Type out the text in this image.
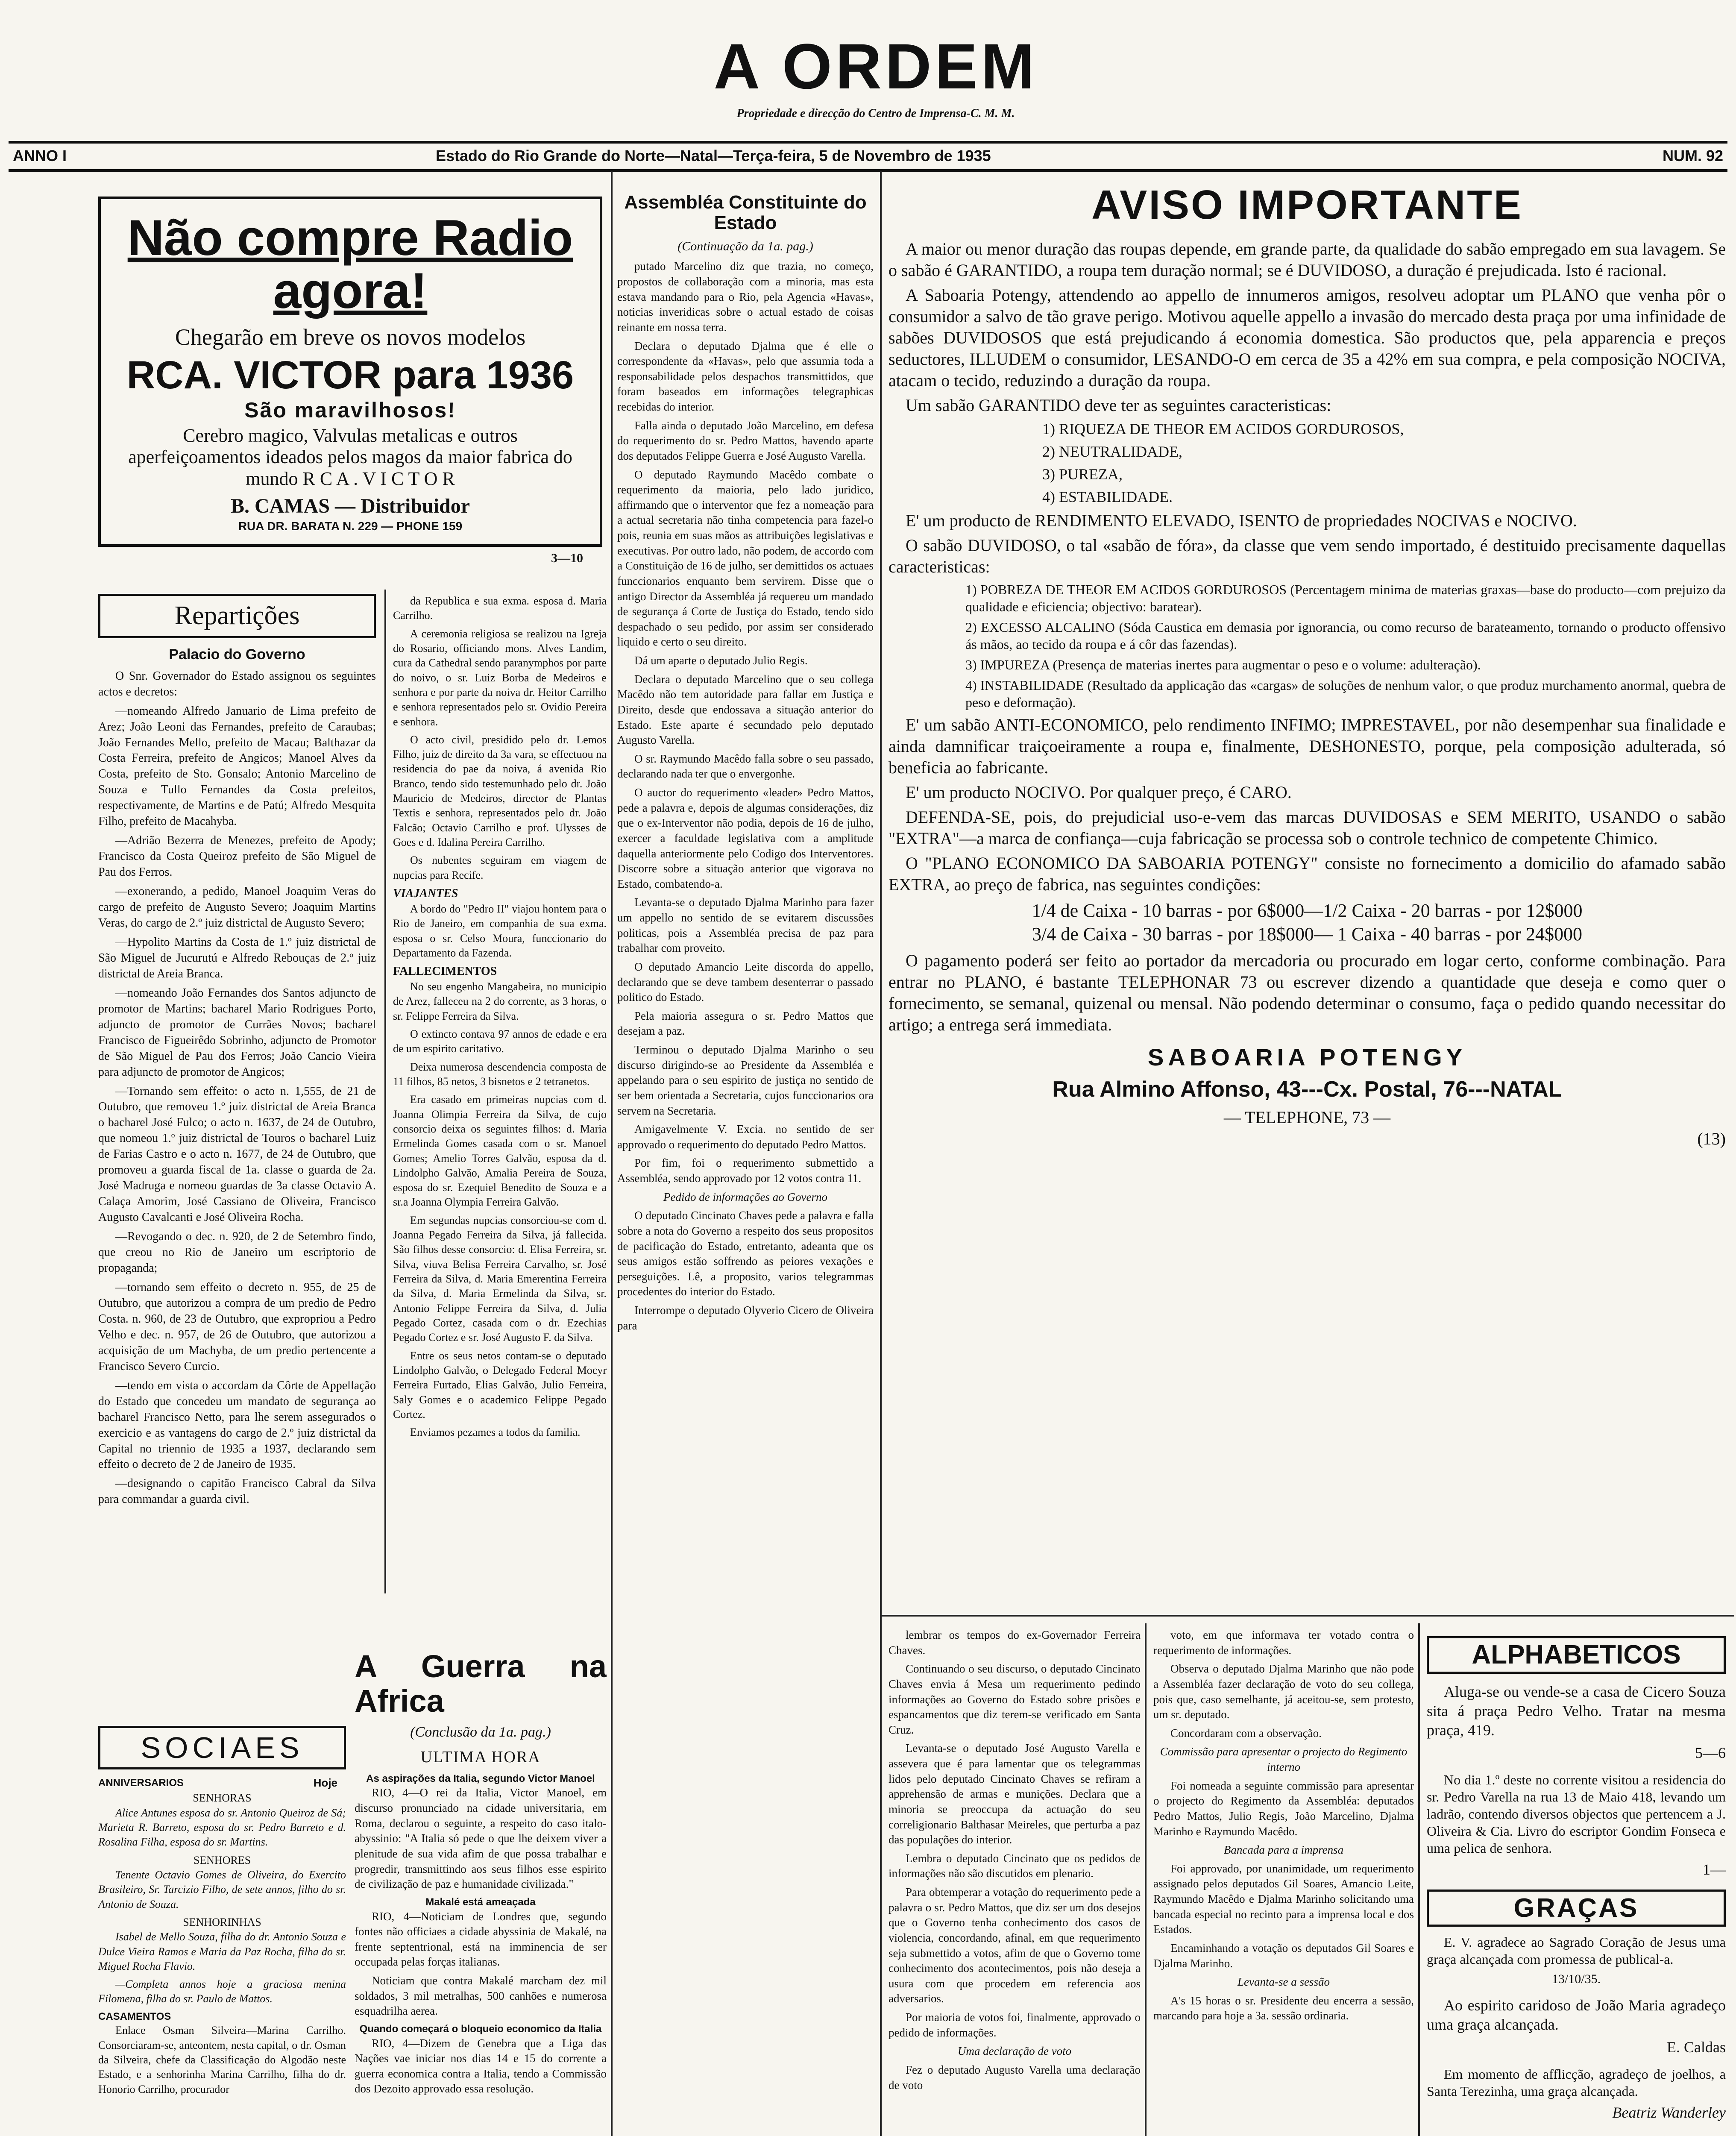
A ORDEM
Propriedade e direcção do Centro de Imprensa-C. M. M.
ANNO I	Estado do Rio Grande do Norte—Natal—Terça-feira, 5 de Novembro de 1935	NUM. 92
Não compre Radio agora!
Chegarão em breve os novos modelos
RCA. VICTOR para 1936
São maravilhosos!
Cerebro magico, Valvulas metalicas e outros aperfeiçoamentos ideados pelos magos da maior fabrica do mundo R C A . V I C T O R
B. CAMAS — Distribuidor
RUA DR. BARATA N. 229 — PHONE 159
3—10
Repartições
Palacio do Governo

O Snr. Governador do Estado assignou os seguintes actos e decretos:

—nomeando Alfredo Januario de Lima prefeito de Arez; João Leoni das Fernandes, prefeito de Caraubas; João Fernandes Mello, prefeito de Macau; Balthazar da Costa Ferreira, prefeito de Angicos; Manoel Alves da Costa, prefeito de Sto. Gonsalo; Antonio Marcelino de Souza e Tullo Fernandes da Costa prefeitos, respectivamente, de Martins e de Patú; Alfredo Mesquita Filho, prefeito de Macahyba.

—Adrião Bezerra de Menezes, prefeito de Apody; Francisco da Costa Queiroz prefeito de São Miguel de Pau dos Ferros.

—exonerando, a pedido, Manoel Joaquim Veras do cargo de prefeito de Augusto Severo; Joaquim Martins Veras, do cargo de 2.º juiz districtal de Augusto Severo;

—Hypolito Martins da Costa de 1.º juiz districtal de São Miguel de Jucurutú e Alfredo Rebouças de 2.º juiz districtal de Areia Branca.

—nomeando João Fernandes dos Santos adjuncto de promotor de Martins; bacharel Mario Rodrigues Porto, adjuncto de promotor de Currães Novos; bacharel Francisco de Figueirêdo Sobrinho, adjuncto de Promotor de São Miguel de Pau dos Ferros; João Cancio Vieira para adjuncto de promotor de Angicos;

—Tornando sem effeito: o acto n. 1,555, de 21 de Outubro, que removeu 1.º juiz districtal de Areia Branca o bacharel José Fulco; o acto n. 1637, de 24 de Outubro, que nomeou 1.º juiz districtal de Touros o bacharel Luiz de Farias Castro e o acto n. 1677, de 24 de Outubro, que promoveu a guarda fiscal de 1a. classe o guarda de 2a. José Madruga e nomeou guardas de 3a classe Octavio A. Calaça Amorim, José Cassiano de Oliveira, Francisco Augusto Cavalcanti e José Oliveira Rocha.

—Revogando o dec. n. 920, de 2 de Setembro findo, que creou no Rio de Janeiro um escriptorio de propaganda;

—tornando sem effeito o decreto n. 955, de 25 de Outubro, que autorizou a compra de um predio de Pedro Costa. n. 960, de 23 de Outubro, que expropriou a Pedro Velho e dec. n. 957, de 26 de Outubro, que autorizou a acquisição de um Machyba, de um predio pertencente a Francisco Severo Curcio.

—tendo em vista o accordam da Côrte de Appellação do Estado que concedeu um mandato de segurança ao bacharel Francisco Netto, para lhe serem assegurados o exercicio e as vantagens do cargo de 2.º juiz districtal da Capital no triennio de 1935 a 1937, declarando sem effeito o decreto de 2 de Janeiro de 1935.

—designando o capitão Francisco Cabral da Silva para commandar a guarda civil.

da Republica e sua exma. esposa d. Maria Carrilho.

A ceremonia religiosa se realizou na Igreja do Rosario, officiando mons. Alves Landim, cura da Cathedral sendo paranymphos por parte do noivo, o sr. Luiz Borba de Medeiros e senhora e por parte da noiva dr. Heitor Carrilho e senhora representados pelo sr. Ovidio Pereira e senhora.

O acto civil, presidido pelo dr. Lemos Filho, juiz de direito da 3a vara, se effectuou na residencia do pae da noiva, á avenida Rio Branco, tendo sido testemunhado pelo dr. João Mauricio de Medeiros, director de Plantas Textis e senhora, representados pelo dr. João Falcão; Octavio Carrilho e prof. Ulysses de Goes e d. Idalina Pereira Carrilho.

Os nubentes seguiram em viagem de nupcias para Recife.

VIAJANTES

A bordo do "Pedro II" viajou hontem para o Rio de Janeiro, em companhia de sua exma. esposa o sr. Celso Moura, funccionario do Departamento da Fazenda.

FALLECIMENTOS

No seu engenho Mangabeira, no municipio de Arez, falleceu na 2 do corrente, as 3 horas, o sr. Felippe Ferreira da Silva.

O extincto contava 97 annos de edade e era de um espirito caritativo.

Deixa numerosa descendencia composta de 11 filhos, 85 netos, 3 bisnetos e 2 tetranetos.

Era casado em primeiras nupcias com d. Joanna Olimpia Ferreira da Silva, de cujo consorcio deixa os seguintes filhos: d. Maria Ermelinda Gomes casada com o sr. Manoel Gomes; Amelio Torres Galvão, esposa da d. Lindolpho Galvão, Amalia Pereira de Souza, esposa do sr. Ezequiel Benedito de Souza e a sr.a Joanna Olympia Ferreira Galvão.

Em segundas nupcias consorciou-se com d. Joanna Pegado Ferreira da Silva, já fallecida. São filhos desse consorcio: d. Elisa Ferreira, sr. Silva, viuva Belisa Ferreira Carvalho, sr. José Ferreira da Silva, d. Maria Emerentina Ferreira da Silva, d. Maria Ermelinda da Silva, sr. Antonio Felippe Ferreira da Silva, d. Julia Pegado Cortez, casada com o dr. Ezechias Pegado Cortez e sr. José Augusto F. da Silva.

Entre os seus netos contam-se o deputado Lindolpho Galvão, o Delegado Federal Mocyr Ferreira Furtado, Elias Galvão, Julio Ferreira, Saly Gomes e o academico Felippe Pegado Cortez.

Enviamos pezames a todos da familia.

A Guerra na Africa
(Conclusão da 1a. pag.)
ULTIMA HORA
As aspirações da Italia, segundo Victor Manoel

RIO, 4—O rei da Italia, Victor Manoel, em discurso pronunciado na cidade universitaria, em Roma, declarou o seguinte, a respeito do caso italo-abyssinio: "A Italia só pede o que lhe deixem viver a plenitude de sua vida afim de que possa trabalhar e progredir, transmittindo aos seus filhos esse espirito de civilização de paz e humanidade civilizada."

Makalé está ameaçada

RIO, 4—Noticiam de Londres que, segundo fontes não officiaes a cidade abyssinia de Makalé, na frente septentrional, está na imminencia de ser occupada pelas forças italianas.

Noticiam que contra Makalé marcham dez mil soldados, 3 mil metralhas, 500 canhões e numerosa esquadrilha aerea.

Quando começará o bloqueio economico da Italia

RIO, 4—Dizem de Genebra que a Liga das Nações vae iniciar nos dias 14 e 15 do corrente a guerra economica contra a Italia, tendo a Commissão dos Dezoito approvado essa resolução.

SOCIAES
ANNIVERSARIOS	Hoje
SENHORAS

Alice Antunes esposa do sr. Antonio Queiroz de Sá; Marieta R. Barreto, esposa do sr. Pedro Barreto e d. Rosalina Filha, esposa do sr. Martins.

SENHORES

Tenente Octavio Gomes de Oliveira, do Exercito Brasileiro, Sr. Tarcizio Filho, de sete annos, filho do sr. Antonio de Souza.

SENHORINHAS

Isabel de Mello Souza, filha do dr. Antonio Souza e Dulce Vieira Ramos e Maria da Paz Rocha, filha do sr. Miguel Rocha Flavio.

—Completa annos hoje a graciosa menina Filomena, filha do sr. Paulo de Mattos.

CASAMENTOS

Enlace Osman Silveira—Marina Carrilho. Consorciaram-se, anteontem, nesta capital, o dr. Osman da Silveira, chefe da Classificação do Algodão neste Estado, e a senhorinha Marina Carrilho, filha do dr. Honorio Carrilho, procurador

Assembléa Constituinte do Estado
(Continuação da 1a. pag.)

putado Marcelino diz que trazia, no começo, propostos de collaboração com a minoria, mas esta estava mandando para o Rio, pela Agencia «Havas», noticias inveridicas sobre o actual estado de coisas reinante em nossa terra.

Declara o deputado Djalma que é elle o correspondente da «Havas», pelo que assumia toda a responsabilidade pelos despachos transmittidos, que foram baseados em informações telegraphicas recebidas do interior.

Falla ainda o deputado João Marcelino, em defesa do requerimento do sr. Pedro Mattos, havendo aparte dos deputados Felippe Guerra e José Augusto Varella.

O deputado Raymundo Macêdo combate o requerimento da maioria, pelo lado juridico, affirmando que o interventor que fez a nomeação para a actual secretaria não tinha competencia para fazel-o pois, reunia em suas mãos as attribuições legislativas e executivas. Por outro lado, não podem, de accordo com a Constituição de 16 de julho, ser demittidos os actuaes funccionarios enquanto bem servirem. Disse que o antigo Director da Assembléa já requereu um mandado de segurança á Corte de Justiça do Estado, tendo sido despachado o seu pedido, por assim ser considerado liquido e certo o seu direito.

Dá um aparte o deputado Julio Regis.

Declara o deputado Marcelino que o seu collega Macêdo não tem autoridade para fallar em Justiça e Direito, desde que endossava a situação anterior do Estado. Este aparte é secundado pelo deputado Augusto Varella.

O sr. Raymundo Macêdo falla sobre o seu passado, declarando nada ter que o envergonhe.

O auctor do requerimento «leader» Pedro Mattos, pede a palavra e, depois de algumas considerações, diz que o ex-Interventor não podia, depois de 16 de julho, exercer a faculdade legislativa com a amplitude daquella anteriormente pelo Codigo dos Interventores. Discorre sobre a situação anterior que vigorava no Estado, combatendo-a.

Levanta-se o deputado Djalma Marinho para fazer um appello no sentido de se evitarem discussões politicas, pois a Assembléa precisa de paz para trabalhar com proveito.

O deputado Amancio Leite discorda do appello, declarando que se deve tambem desenterrar o passado politico do Estado.

Pela maioria assegura o sr. Pedro Mattos que desejam a paz.

Terminou o deputado Djalma Marinho o seu discurso dirigindo-se ao Presidente da Assembléa e appelando para o seu espirito de justiça no sentido de ser bem orientada a Secretaria, cujos funccionarios ora servem na Secretaria.

Amigavelmente V. Excia. no sentido de ser approvado o requerimento do deputado Pedro Mattos.

Por fim, foi o requerimento submettido a Assembléa, sendo approvado por 12 votos contra 11.

Pedido de informações ao Governo

O deputado Cincinato Chaves pede a palavra e falla sobre a nota do Governo a respeito dos seus propositos de pacificação do Estado, entretanto, adeanta que os seus amigos estão soffrendo as peiores vexações e perseguições. Lê, a proposito, varios telegrammas procedentes do interior do Estado.

Interrompe o deputado Olyverio Cicero de Oliveira para

AVISO IMPORTANTE

A maior ou menor duração das roupas depende, em grande parte, da qualidade do sabão empregado em sua lavagem. Se o sabão é GARANTIDO, a roupa tem duração normal; se é DUVIDOSO, a duração é prejudicada. Isto é racional.

A Saboaria Potengy, attendendo ao appello de innumeros amigos, resolveu adoptar um PLANO que venha pôr o consumidor a salvo de tão grave perigo. Motivou aquelle appello a invasão do mercado desta praça por uma infinidade de sabões DUVIDOSOS que está prejudicando á economia domestica. São productos que, pela apparencia e preços seductores, ILLUDEM o consumidor, LESANDO-O em cerca de 35 a 42% em sua compra, e pela composição NOCIVA, atacam o tecido, reduzindo a duração da roupa.

Um sabão GARANTIDO deve ter as seguintes caracteristicas:

1) RIQUEZA DE THEOR EM ACIDOS GORDUROSOS,

2) NEUTRALIDADE,

3) PUREZA,

4) ESTABILIDADE.

E' um producto de RENDIMENTO ELEVADO, ISENTO de propriedades NOCIVAS e NOCIVO.

O sabão DUVIDOSO, o tal «sabão de fóra», da classe que vem sendo importado, é destituido precisamente daquellas caracteristicas:

1) POBREZA DE THEOR EM ACIDOS GORDUROSOS (Percentagem minima de materias graxas—base do producto—com prejuizo da qualidade e eficiencia; objectivo: baratear).

2) EXCESSO ALCALINO (Sóda Caustica em demasia por ignorancia, ou como recurso de barateamento, tornando o producto offensivo ás mãos, ao tecido da roupa e á côr das fazendas).

3) IMPUREZA (Presença de materias inertes para augmentar o peso e o volume: adulteração).

4) INSTABILIDADE (Resultado da applicação das «cargas» de soluções de nenhum valor, o que produz murchamento anormal, quebra de peso e deformação).

E' um sabão ANTI-ECONOMICO, pelo rendimento INFIMO; IMPRESTAVEL, por não desempenhar sua finalidade e ainda damnificar traiçoeiramente a roupa e, finalmente, DESHONESTO, porque, pela composição adulterada, só beneficia ao fabricante.

E' um producto NOCIVO. Por qualquer preço, é CARO.

DEFENDA-SE, pois, do prejudicial uso-e-vem das marcas DUVIDOSAS e SEM MERITO, USANDO o sabão "EXTRA"—a marca de confiança—cuja fabricação se processa sob o controle technico de competente Chimico.

O "PLANO ECONOMICO DA SABOARIA POTENGY" consiste no fornecimento a domicilio do afamado sabão EXTRA, ao preço de fabrica, nas seguintes condições:

1/4 de Caixa - 10 barras - por 6$000—1/2 Caixa - 20 barras - por 12$000
3/4 de Caixa - 30 barras - por 18$000— 1 Caixa - 40 barras - por 24$000

O pagamento poderá ser feito ao portador da mercadoria ou procurado em logar certo, conforme combinação. Para entrar no PLANO, é bastante TELEPHONAR 73 ou escrever dizendo a quantidade que deseja e como quer o fornecimento, se semanal, quizenal ou mensal. Não podendo determinar o consumo, faça o pedido quando necessitar do artigo; a entrega será immediata.

SABOARIA POTENGY
Rua Almino Affonso, 43---Cx. Postal, 76---NATAL
— TELEPHONE, 73 —
(13)

lembrar os tempos do ex-Governador Ferreira Chaves.

Continuando o seu discurso, o deputado Cincinato Chaves envia á Mesa um requerimento pedindo informações ao Governo do Estado sobre prisões e espancamentos que diz terem-se verificado em Santa Cruz.

Levanta-se o deputado José Augusto Varella e assevera que é para lamentar que os telegrammas lidos pelo deputado Cincinato Chaves se refiram a apprehensão de armas e munições. Declara que a minoria se preoccupa da actuação do seu correligionario Balthasar Meireles, que perturba a paz das populações do interior.

Lembra o deputado Cincinato que os pedidos de informações não são discutidos em plenario.

Para obtemperar a votação do requerimento pede a palavra o sr. Pedro Mattos, que diz ser um dos desejos que o Governo tenha conhecimento dos casos de violencia, concordando, afinal, em que requerimento seja submettido a votos, afim de que o Governo tome conhecimento dos acontecimentos, pois não deseja a usura com que procedem em referencia aos adversarios.

Por maioria de votos foi, finalmente, approvado o pedido de informações.

Uma declaração de voto

Fez o deputado Augusto Varella uma declaração de voto

voto, em que informava ter votado contra o requerimento de informações.

Observa o deputado Djalma Marinho que não pode a Assembléa fazer declaração de voto do seu collega, pois que, caso semelhante, já aceitou-se, sem protesto, um sr. deputado.

Concordaram com a observação.

Commissão para apresentar o projecto do Regimento interno

Foi nomeada a seguinte commissão para apresentar o projecto do Regimento da Assembléa: deputados Pedro Mattos, Julio Regis, João Marcelino, Djalma Marinho e Raymundo Macêdo.

Bancada para a imprensa

Foi approvado, por unanimidade, um requerimento assignado pelos deputados Gil Soares, Amancio Leite, Raymundo Macêdo e Djalma Marinho solicitando uma bancada especial no recinto para a imprensa local e dos Estados.

Encaminhando a votação os deputados Gil Soares e Djalma Marinho.

Levanta-se a sessão

A's 15 horas o sr. Presidente deu encerra a sessão, marcando para hoje a 3a. sessão ordinaria.

ALPHABETICOS

Aluga-se ou vende-se a casa de Cicero Souza sita á praça Pedro Velho. Tratar na mesma praça, 419.

5—6

No dia 1.º deste no corrente visitou a residencia do sr. Pedro Varella na rua 13 de Maio 418, levando um ladrão, contendo diversos objectos que pertencem a J. Oliveira & Cia. Livro do escriptor Gondim Fonseca e uma pelica de senhora.

1—
GRAÇAS

E. V. agradece ao Sagrado Coração de Jesus uma graça alcançada com promessa de publical-a.

13/10/35.

Ao espirito caridoso de João Maria agradeço uma graça alcançada.

E. Caldas

Em momento de afflicção, agradeço de joelhos, a Santa Terezinha, uma graça alcançada.

Beatriz Wanderley
